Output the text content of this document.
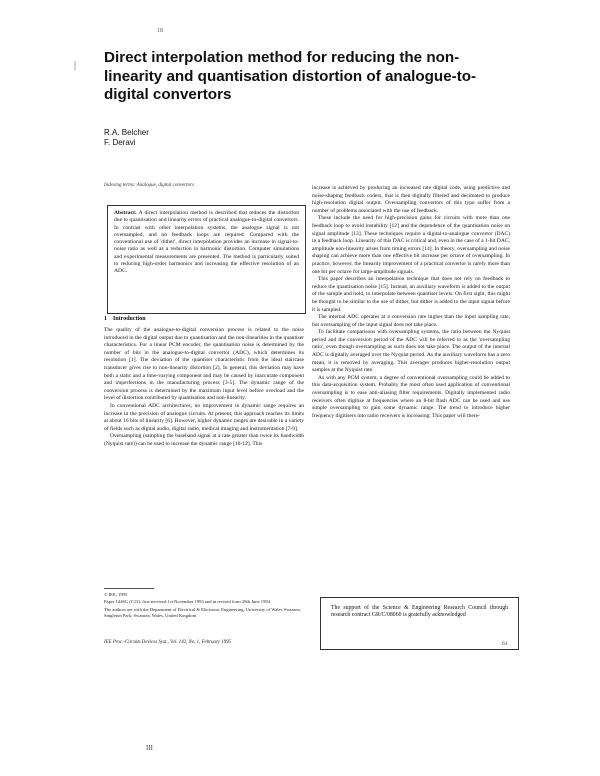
18
| Direct interpolation method for reducing the non-linearity and quantisation distortion of analogue-to-digital convertors
R.A. Belcher
F. Deravi
Indexing terms: Analogue, digital convertors
Abstract: A direct interpolation method is described that reduces the distortion due to quantisation and linearity errors of practical analogue-to-digital convertors. In contrast with other interpolation systems, the analogue signal is not oversampled, and no feedback loops are required. Compared with the conventional use of 'dither', direct interpolation provides an increase in signal-to-noise ratio as well as a reduction in harmonic distortion. Computer simulations and experimental measurements are presented. The method is particularly suited to reducing high-order harmonics and increasing the effective resolution of an ADC.
1 Introduction

The quality of the analogue-to-digital conversion process is related to the noise introduced in the digital output due to quantisation and the non-linearities in the quantiser characteristics. For a linear PCM encoder, the quantisation noise is determined by the number of bits in the analogue-to-digital convertor (ADC), which determines its resolution [1]. The deviation of the quantiser characteristic from the ideal staircase transducer gives rise to non-linearity distortion [2]. In general, this deviation may have both a static and a time-varying component and may be caused by inaccurate component and imperfections in the manufacturing process [3-5]. The dynamic range of the conversion process is determined by the maximum input level before overload and the level of distortion contributed by quantisation and non-linearity.

In conventional ADC architectures, no improvement in dynamic range requires an increase in the precision of analogue circuits. At present, this approach reaches its limits at about 16 bits of linearity [6]. However, higher dynamic ranges are desirable in a variety of fields such as digital audio, digital radio, medical imaging and instrumentation [7-9].

Oversampling (sampling the baseband signal at a rate greater than twice its bandwidth (Nyquist rate)) can be used to increase the dynamic range [10-12]. This

increase is achieved by producing an increased rate digital code, using predictive and noise-shaping feedback coders, that is then digitally filtered and decimated to produce high-resolution digital output. Oversampling convertors of this type suffer from a number of problems associated with the use of feedback.

These include the need for high-precision gains for circuits with more than one feedback loop to avoid instability [12] and the dependence of the quantisation noise on signal amplitude [13]. These techniques require a digital-to-analogue convertor (DAC) in a feedback loop. Linearity of this DAC is critical and, even in the case of a 1-bit DAC, amplitude non-linearity arises from timing errors [14]. In theory, oversampling and noise shaping can achieve more than one effective bit increase per octave of oversampling. In practice, however, the linearity improvement of a practical convertor is rarely more than one bit per octave for large-amplitude signals.

This paper describes an interpolation technique that does not rely on feedback to reduce the quantisation noise [15]. Instead, an auxiliary waveform is added to the output of the sample and hold, to interpolate between quantiser levels. On first sight, this might be thought to be similar to the use of dither, but dither is added to the input signal before it is sampled.

The internal ADC operates at a conversion rate higher than the input sampling rate, but oversampling of the input signal does not take place.

To facilitate comparisons with oversampling systems, the ratio between the Nyquist period and the conversion period of the ADC will be referred to as the 'oversampling ratio', even though oversampling as such does not take place. The output of the internal ADC is digitally averaged over the Nyquist period. As the auxiliary waveform has a zero mean, it is removed by averaging. This averager produces higher-resolution output samples at the Nyquist rate.

As with any PCM system, a degree of conventional oversampling could be added to this data-acquisition system. Probably the most often used application of conventional oversampling is to ease anti-aliasing filter requirements. Digitally implemented radio receivers often digitise at frequencies where an 8-bit flash ADC can be used and use simple oversampling to gain some dynamic range. The trend to introduce higher frequency digitisers into radio receivers is increasing. This paper will there-

© IEE, 1995
Paper 1446G (C13), first received 1st November 1993 and in revised form 28th June 1994
The authors are with the Department of Electrical & Electronic Engineering, University of Wales Swansea, Singleton Park, Swansea, Wales, United Kingdom
The support of the Science & Engineering Research Council through research contract GR/C/08060 is gratefully acknowledged
IEE Proc.-Circuits Devices Syst., Vol. 142, No. 1, February 1995	61
III
